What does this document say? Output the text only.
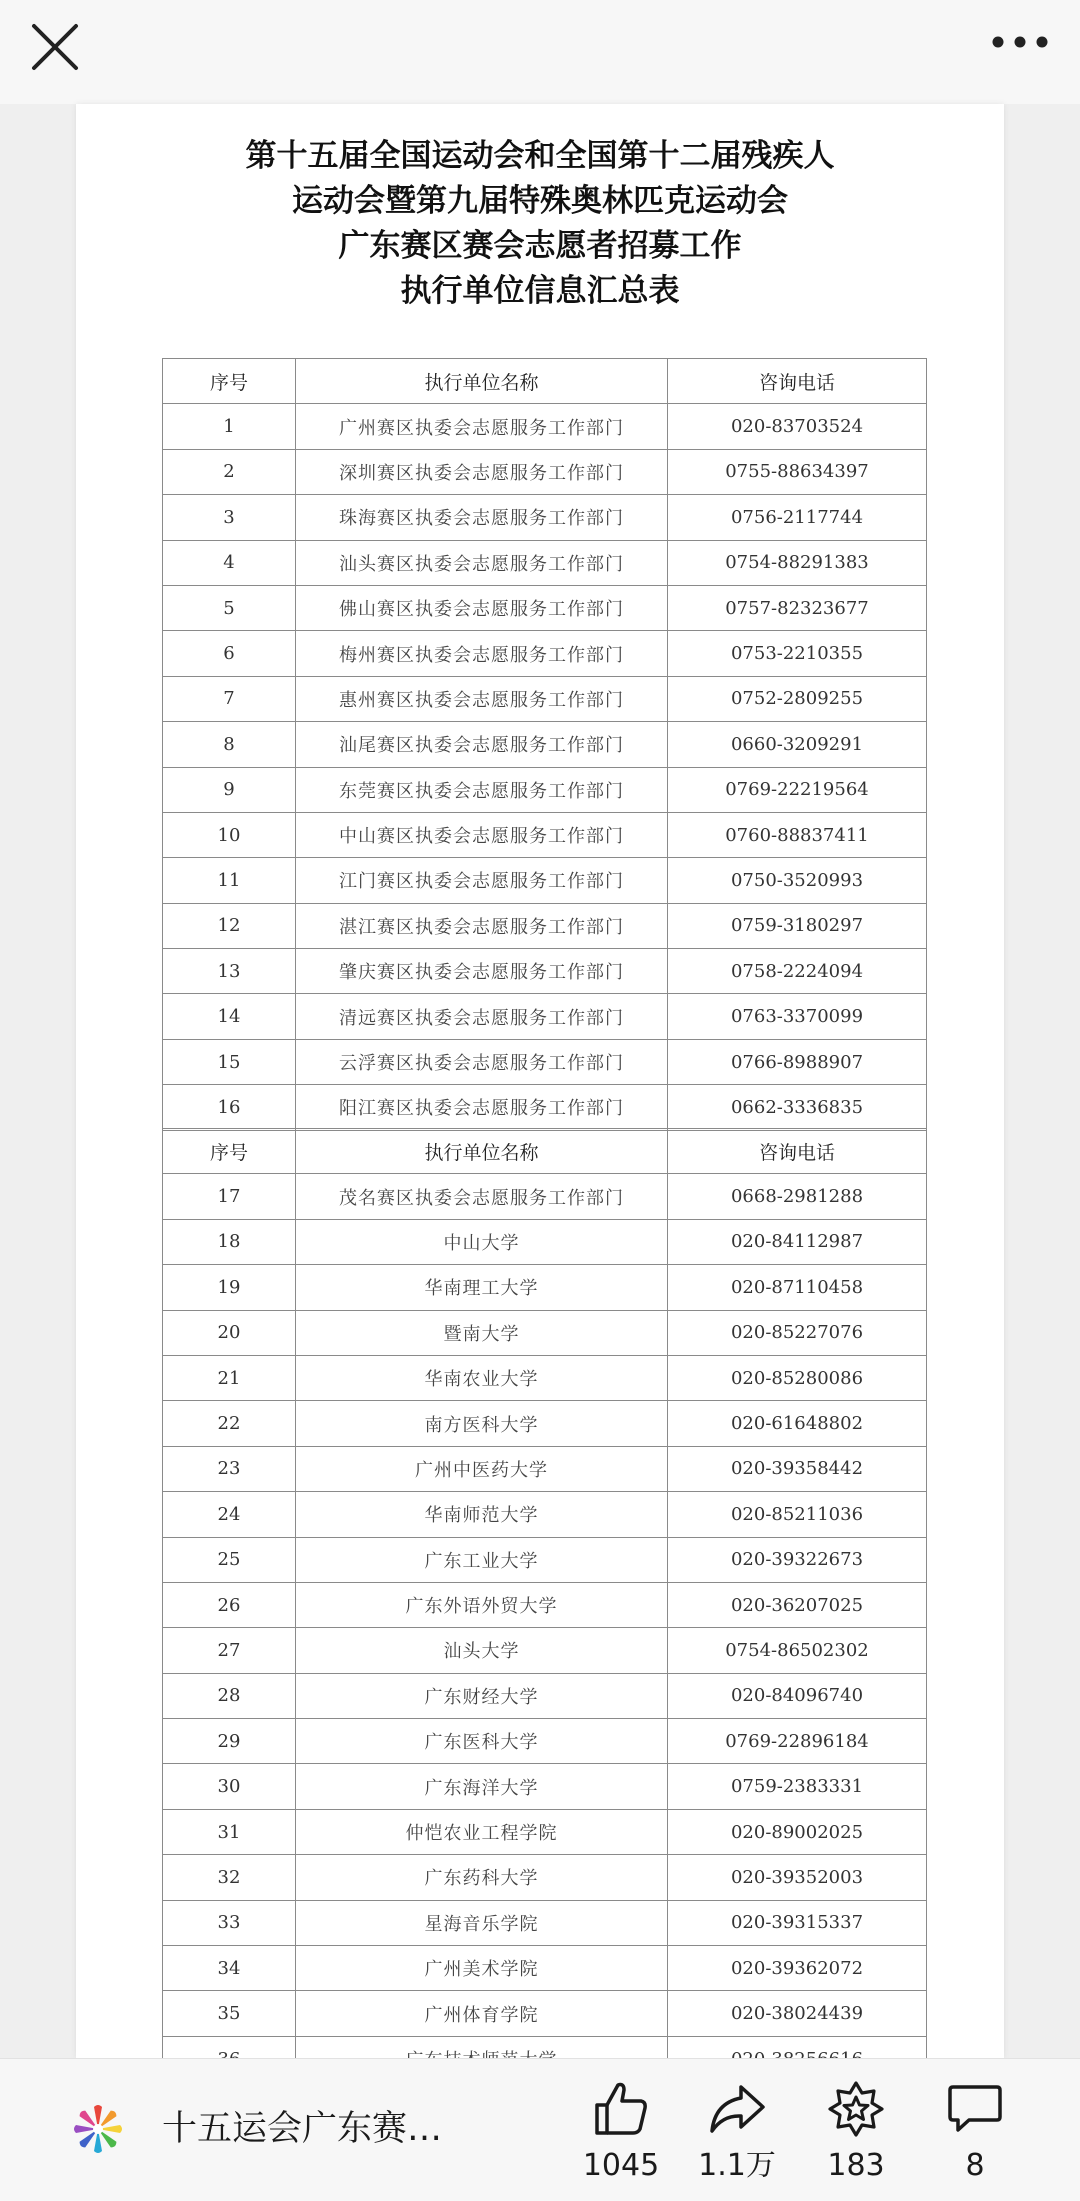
第十五届全国运动会和全国第十二届残疾人
运动会暨第九届特殊奥林匹克运动会
广东赛区赛会志愿者招募工作
执行单位信息汇总表
序号	执行单位名称	咨询电话
1	广州赛区执委会志愿服务工作部门	020-83703524
2	深圳赛区执委会志愿服务工作部门	0755-88634397
3	珠海赛区执委会志愿服务工作部门	0756-2117744
4	汕头赛区执委会志愿服务工作部门	0754-88291383
5	佛山赛区执委会志愿服务工作部门	0757-82323677
6	梅州赛区执委会志愿服务工作部门	0753-2210355
7	惠州赛区执委会志愿服务工作部门	0752-2809255
8	汕尾赛区执委会志愿服务工作部门	0660-3209291
9	东莞赛区执委会志愿服务工作部门	0769-22219564
10	中山赛区执委会志愿服务工作部门	0760-88837411
11	江门赛区执委会志愿服务工作部门	0750-3520993
12	湛江赛区执委会志愿服务工作部门	0759-3180297
13	肇庆赛区执委会志愿服务工作部门	0758-2224094
14	清远赛区执委会志愿服务工作部门	0763-3370099
15	云浮赛区执委会志愿服务工作部门	0766-8988907
16	阳江赛区执委会志愿服务工作部门	0662-3336835
序号	执行单位名称	咨询电话
17	茂名赛区执委会志愿服务工作部门	0668-2981288
18	中山大学	020-84112987
19	华南理工大学	020-87110458
20	暨南大学	020-85227076
21	华南农业大学	020-85280086
22	南方医科大学	020-61648802
23	广州中医药大学	020-39358442
24	华南师范大学	020-85211036
25	广东工业大学	020-39322673
26	广东外语外贸大学	020-36207025
27	汕头大学	0754-86502302
28	广东财经大学	020-84096740
29	广东医科大学	0769-22896184
30	广东海洋大学	0759-2383331
31	仲恺农业工程学院	020-89002025
32	广东药科大学	020-39352003
33	星海音乐学院	020-39315337
34	广州美术学院	020-39362072
35	广州体育学院	020-38024439

十五运会广东赛…
1045	1.1万	183	8
